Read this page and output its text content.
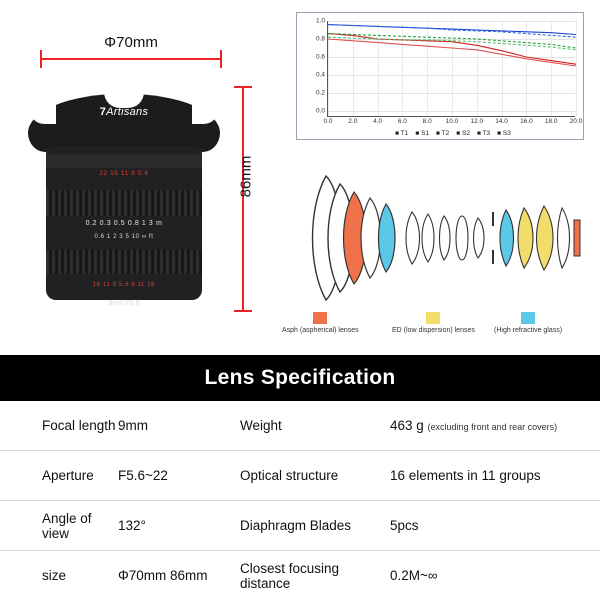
Φ70mm
86mm
7Artisans
22 16 11 8 5.6
0.2 0.3 0.5 0.8 1 3 m
0.6 1 2 3 5 10 ∞ ft
16 11 8 5.6 8 11 16
9mm F5.6
0.0
0.2
0.4
0.6
0.8
1.0
0.0 2.0 4.0 6.0 8.0 10.0 12.0 14.0 16.0 18.0 20.0
■ T1 ■ S1 ■ T2 ■ S2 ■ T3 ■ S3
Asph (aspherical) lenses	ED (low dispersion) lenses	(High refractive glass)
Lens Specification
Focal length 9mm	Weight	463 g (excluding front and rear covers)
Aperture	F5.6~22	Optical structure	16 elements in 11 groups
Angle of view	132°	Diaphragm Blades	5pcs
size	Φ70mm 86mm	Closest focusing distance	0.2M~∞
